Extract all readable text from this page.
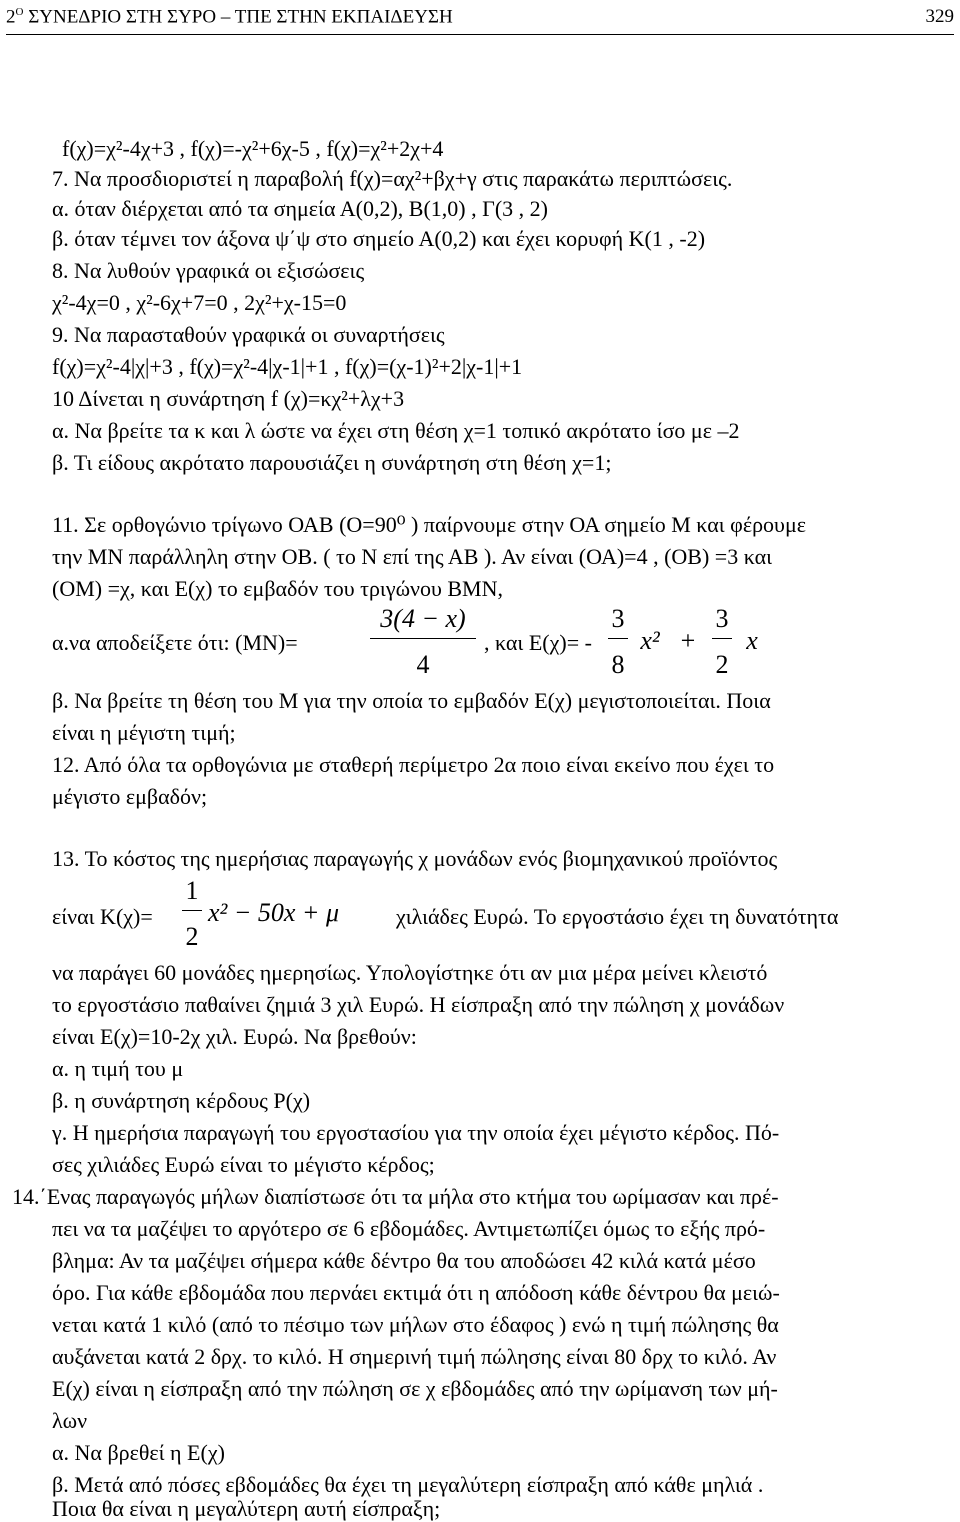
$2^O$ ΣΥΝΕΔΡΙΟ ΣΤΗ ΣΥΡΟ – ΤΠΕ ΣΤΗΝ ΕΚΠΑΙΔΕΥΣΗ	329
f(χ)=χ²-4χ+3 , f(χ)=-χ²+6χ-5 , f(χ)=χ²+2χ+4
7. Να προσδιοριστεί η παραβολή f(χ)=αχ²+βχ+γ στις παρακάτω περιπτώσεις.
α. όταν διέρχεται από τα σημεία Α(0,2), Β(1,0) , Γ(3 , 2)
β. όταν τέμνει τον άξονα ψ΄ψ στο σημείο Α(0,2) και έχει κορυφή Κ(1 , -2)
8. Να λυθούν γραφικά οι εξισώσεις
χ²-4χ=0 , χ²-6χ+7=0 , 2χ²+χ-15=0
9. Να παρασταθούν γραφικά οι συναρτήσεις
f(χ)=χ²-4|χ|+3 , f(χ)=χ²-4|χ-1|+1 , f(χ)=(χ-1)²+2|χ-1|+1
10 Δίνεται η συνάρτηση f (χ)=κχ²+λχ+3
α. Να βρείτε τα κ και λ ώστε να έχει στη θέση χ=1 τοπικό ακρότατο ίσο με –2
β. Τι είδους ακρότατο παρουσιάζει η συνάρτηση στη θέση χ=1;
11. Σε ορθογώνιο τρίγωνο ΟΑΒ (Ο=90⁰ ) παίρνουμε στην ΟΑ σημείο Μ και φέρουμε
την ΜΝ παράλληλη στην ΟΒ. ( το Ν επί της ΑΒ ). Αν είναι (ΟΑ)=4 , (ΟΒ) =3 και
(ΟΜ) =χ, και Ε(χ) το εμβαδόν του τριγώνου ΒΜΝ,
α.να αποδείξετε ότι: (ΜΝ)=
3(4 − x)
4
, και Ε(χ)= -
3
8
x² +
3
2
x
β. Να βρείτε τη θέση του Μ για την οποία το εμβαδόν Ε(χ) μεγιστοποιείται. Ποια
είναι η μέγιστη τιμή;
12. Από όλα τα ορθογώνια με σταθερή περίμετρο 2α ποιο είναι εκείνο που έχει το
μέγιστο εμβαδόν;
13. Το κόστος της ημερήσιας παραγωγής χ μονάδων ενός βιομηχανικού προϊόντος
είναι Κ(χ)=
1
2
x² − 50x + μ	χιλιάδες Ευρώ. Το εργοστάσιο έχει τη δυνατότητα
να παράγει 60 μονάδες ημερησίως. Υπολογίστηκε ότι αν μια μέρα μείνει κλειστό
το εργοστάσιο παθαίνει ζημιά 3 χιλ Ευρώ. Η είσπραξη από την πώληση χ μονάδων
είναι Ε(χ)=10-2χ χιλ. Ευρώ. Να βρεθούν:
α. η τιμή του μ
β. η συνάρτηση κέρδους Ρ(χ)
γ. Η ημερήσια παραγωγή του εργοστασίου για την οποία έχει μέγιστο κέρδος. Πό-
σες χιλιάδες Ευρώ είναι το μέγιστο κέρδος;
14.΄Ενας παραγωγός μήλων διαπίστωσε ότι τα μήλα στο κτήμα του ωρίμασαν και πρέ-
πει να τα μαζέψει το αργότερο σε 6 εβδομάδες. Αντιμετωπίζει όμως το εξής πρό-
βλημα: Αν τα μαζέψει σήμερα κάθε δέντρο θα του αποδώσει 42 κιλά κατά μέσο
όρο. Για κάθε εβδομάδα που περνάει εκτιμά ότι η απόδοση κάθε δέντρου θα μειώ-
νεται κατά 1 κιλό (από το πέσιμο των μήλων στο έδαφος ) ενώ η τιμή πώλησης θα
αυξάνεται κατά 2 δρχ. το κιλό. Η σημερινή τιμή πώλησης είναι 80 δρχ το κιλό. Αν
Ε(χ) είναι η είσπραξη από την πώληση σε χ εβδομάδες από την ωρίμανση των μή-
λων
α. Να βρεθεί η Ε(χ)
β. Μετά από πόσες εβδομάδες θα έχει τη μεγαλύτερη είσπραξη από κάθε μηλιά .
Ποια θα είναι η μεγαλύτερη αυτή είσπραξη;
